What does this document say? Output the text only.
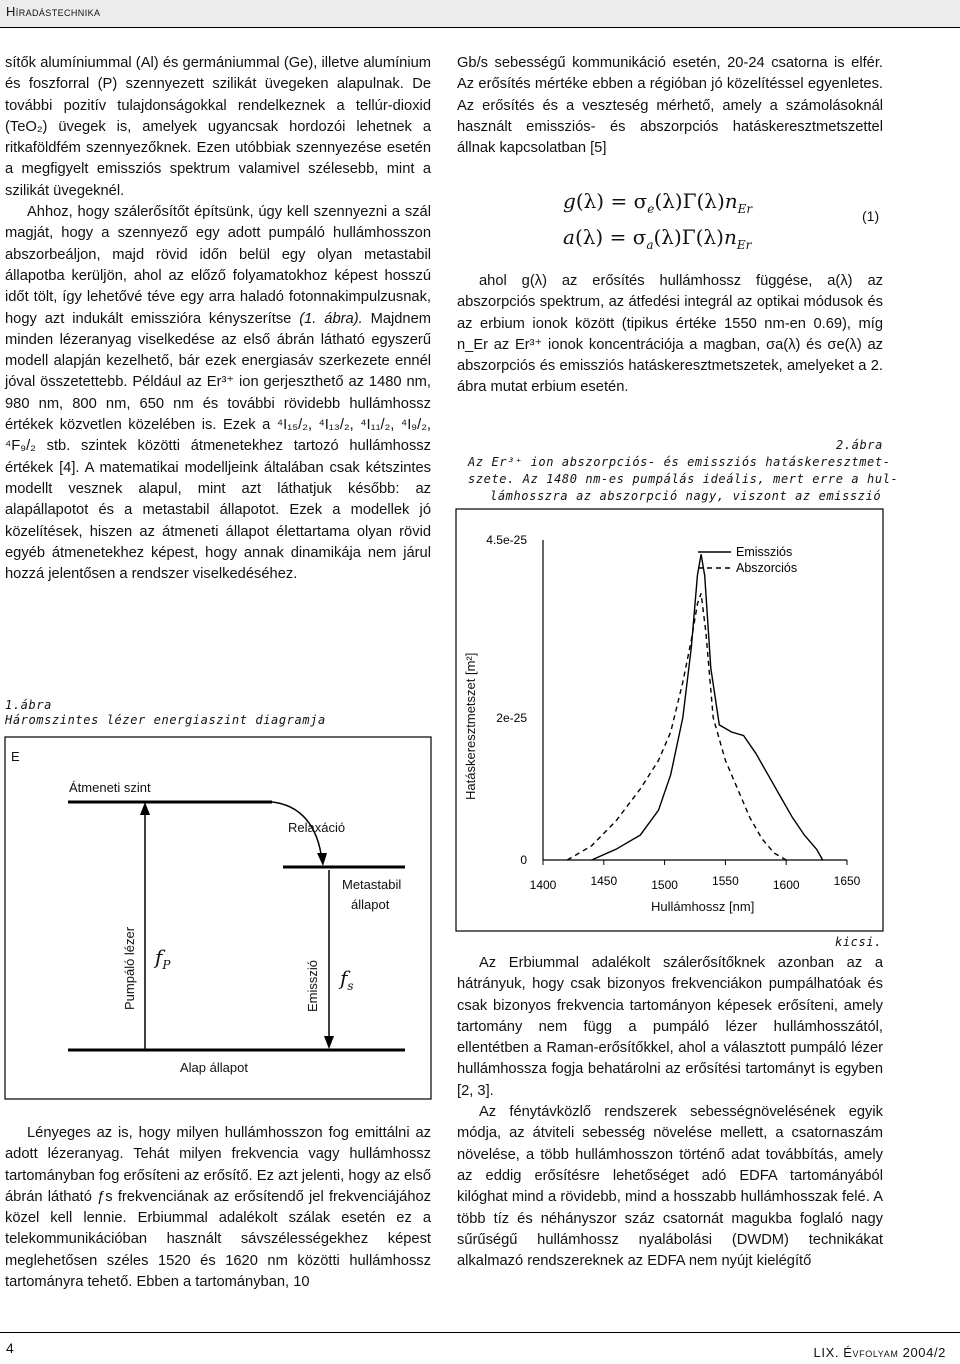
Híradástechnika

sítők alumíniummal (Al) és germániummal (Ge), illetve alumínium és foszforral (P) szennyezett szilikát üvegeken alapulnak. De további pozitív tulajdonságokkal rendelkeznek a tellúr-dioxid (TeO₂) üvegek is, amelyek ugyancsak hordozói lehetnek a ritkaföldfém szennyezőknek. Ezen utóbbiak szennyezése esetén a megfigyelt emissziós spektrum valamivel szélesebb, mint a szilikát üvegeknél.

Ahhoz, hogy szálerősítőt építsünk, úgy kell szennyezni a szál magját, hogy a szennyező egy adott pumpáló hullámhosszon abszorbeáljon, majd rövid időn belül egy olyan metastabil állapotba kerüljön, ahol az előző folyamatokhoz képest hosszú időt tölt, így lehetővé téve egy arra haladó fotonnakimpulzusnak, hogy azt indukált emisszióra kényszerítse (1. ábra). Majdnem minden lézeranyag viselkedése az első ábrán látható egyszerű modell alapján kezelhető, bár ezek energiasáv szerkezete ennél jóval összetettebb. Például az Er³⁺ ion gerjeszthető az 1480 nm, 980 nm, 800 nm, 650 nm és további rövidebb hullámhossz értékek közvetlen közelében is. Ezek a ⁴I₁₅/₂, ⁴I₁₃/₂, ⁴I₁₁/₂, ⁴I₉/₂, ⁴F₉/₂ stb. szintek közötti átmenetekhez tartozó hullámhossz értékek [4]. A matematikai modelljeink általában csak kétszintes modellt vesznek alapul, mint azt láthatjuk később: az alapállapotot és a metastabil állapotot. Ezek a modellek jó közelítések, hiszen az átmeneti állapot élettartama olyan rövid egyéb átmenetekhez képest, hogy annak dinamikája nem járul hozzá jelentősen a rendszer viselkedéséhez.

1.ábra
Háromszintes lézer energiaszint diagramja
E
Átmeneti szint
Relaxáció
Metastabil
állapot
Pumpáló lézer $f_P$	Emisszió $f_s$
Alap állapot

Lényeges az is, hogy milyen hullámhosszon fog emittálni az adott lézeranyag. Tehát milyen frekvencia vagy hullámhossz tartományban fog erősíteni az erősítő. Ez azt jelenti, hogy az első ábrán látható ƒs frekvenciának az erősítendő jel frekvenciájához közel kell lennie. Erbiummal adalékolt szálak esetén ez a telekommunikációban használt sávszélességekhez képest meglehetősen széles 1520 és 1620 nm közötti hullámhossz tartományra tehető. Ebben a tartományban, 10

Gb/s sebességű kommunikáció esetén, 20-24 csatorna is elfér. Az erősítés mértéke ebben a régióban jó közelítéssel egyenletes. Az erősítés és a veszteség mérhető, amely a számolásoknál használt emissziós- és abszorpciós hatáskeresztmetszettel állnak kapcsolatban [5]

$g(\lambda) = \sigma_e(\lambda)\Gamma(\lambda)n_{Er}$
$a(\lambda) = \sigma_a(\lambda)\Gamma(\lambda)n_{Er}$
(1)

ahol g(λ) az erősítés hullámhossz függése, a(λ) az abszorpciós spektrum, az átfedési integrál az optikai módusok és az erbium ionok között (tipikus értéke 1550 nm-en 0.69), míg n_Er az Er³⁺ ionok koncentrációja a magban, σa(λ) és σe(λ) az abszorpciós és emissziós hatáskeresztmetszetek, amelyeket a 2. ábra mutat erbium esetén.

2.ábra
Az Er³⁺ ion abszorpciós- és emissziós hatáskeresztmet-
szete. Az 1480 nm-es pumpálás ideális, mert erre a hul-
lámhosszra az abszorpció nagy, viszont az emisszió
1400	1450	1500	1550	1600	1650
0
2e-25
4.5e-25
Emissziós
Abszorciós
Hatáskeresztmetszet [m²]
Hullámhossz [nm]
kicsi.

Az Erbiummal adalékolt szálerősítőknek azonban az a hátrányuk, hogy csak bizonyos frekvenciákon pumpálhatóak és csak bizonyos frekvencia tartományon képesek erősíteni, amely tartomány nem függ a pumpáló lézer hullámhosszától, ellentétben a Raman-erősítőkkel, ahol a választott pumpáló lézer hullámhossza fogja behatárolni az erősítési tartományt is egyben [2, 3].

Az fénytávközlő rendszerek sebességnövelésének egyik módja, az átviteli sebesség növelése mellett, a csatornaszám növelése, a több hullámhosszon történő adat továbbítás, amely az eddig erősítésre lehetőséget adó EDFA tartományából kilóghat mind a rövidebb, mind a hosszabb hullámhosszak felé. A több tíz és néhányszor száz csatornát magukba foglaló nagy sűrűségű hullámhossz nyalábolási (DWDM) technikákat alkalmazó rendszereknek az EDFA nem nyújt kielégítő

4	LIX. Évfolyam 2004/2
